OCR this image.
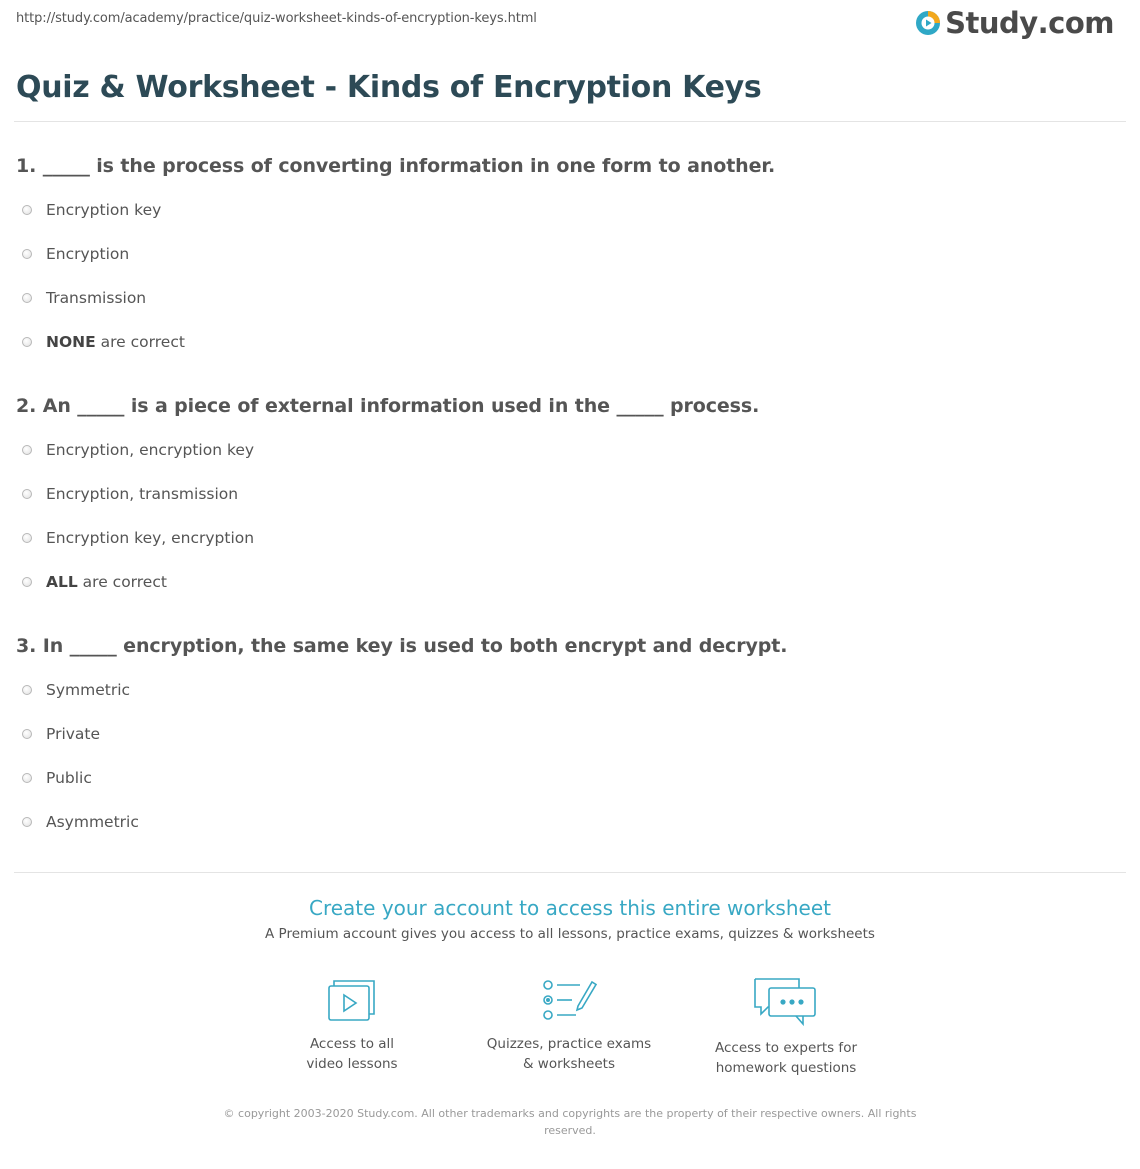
http://study.com/academy/practice/quiz-worksheet-kinds-of-encryption-keys.html	Study .com
Quiz & Worksheet - Kinds of Encryption Keys

1. _____ is the process of converting information in one form to another.

Encryption key
Encryption
Transmission
NONE are correct

2. An _____ is a piece of external information used in the _____ process.

Encryption, encryption key
Encryption, transmission
Encryption key, encryption
ALL are correct

3. In _____ encryption, the same key is used to both encrypt and decrypt.

Symmetric
Private
Public
Asymmetric
Create your account to access this entire worksheet
A Premium account gives you access to all lessons, practice exams, quizzes & worksheets
Access to all
video lessons
Quizzes, practice exams
& worksheets
Access to experts for
homework questions
© copyright 2003-2020 Study.com. All other trademarks and copyrights are the property of their respective owners. All rights
reserved.
